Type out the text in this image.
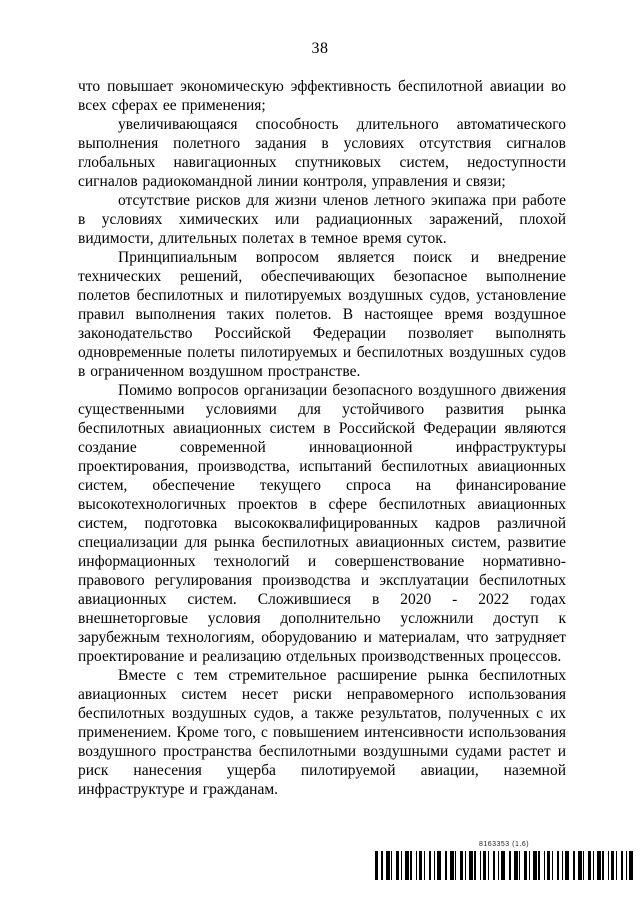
38

что повышает экономическую эффективность беспилотной авиации во всех сферах ее применения;

увеличивающаяся способность длительного автоматического выполнения полетного задания в условиях отсутствия сигналов глобальных навигационных спутниковых систем, недоступности сигналов радиокомандной линии контроля, управления и связи;

отсутствие рисков для жизни членов летного экипажа при работе в условиях химических или радиационных заражений, плохой видимости, длительных полетах в темное время суток.

Принципиальным вопросом является поиск и внедрение технических решений, обеспечивающих безопасное выполнение полетов беспилотных и пилотируемых воздушных судов, установление правил выполнения таких полетов. В настоящее время воздушное законодательство Российской Федерации позволяет выполнять одновременные полеты пилотируемых и беспилотных воздушных судов в ограниченном воздушном пространстве.

Помимо вопросов организации безопасного воздушного движения существенными условиями для устойчивого развития рынка беспилотных авиационных систем в Российской Федерации являются создание современной инновационной инфраструктуры проектирования, производства, испытаний беспилотных авиационных систем, обеспечение текущего спроса на финансирование высокотехнологичных проектов в сфере беспилотных авиационных систем, подготовка высококвалифицированных кадров различной специализации для рынка беспилотных авиационных систем, развитие информационных технологий и совершенствование нормативно-правового регулирования производства и эксплуатации беспилотных авиационных систем. Сложившиеся в 2020 - 2022 годах внешнеторговые условия дополнительно усложнили доступ к зарубежным технологиям, оборудованию и материалам, что затрудняет проектирование и реализацию отдельных производственных процессов.

Вместе с тем стремительное расширение рынка беспилотных авиационных систем несет риски неправомерного использования беспилотных воздушных судов, а также результатов, полученных с их применением. Кроме того, с повышением интенсивности использования воздушного пространства беспилотными воздушными судами растет и риск нанесения ущерба пилотируемой авиации, наземной инфраструктуре и гражданам.

8163353 (1.6)
